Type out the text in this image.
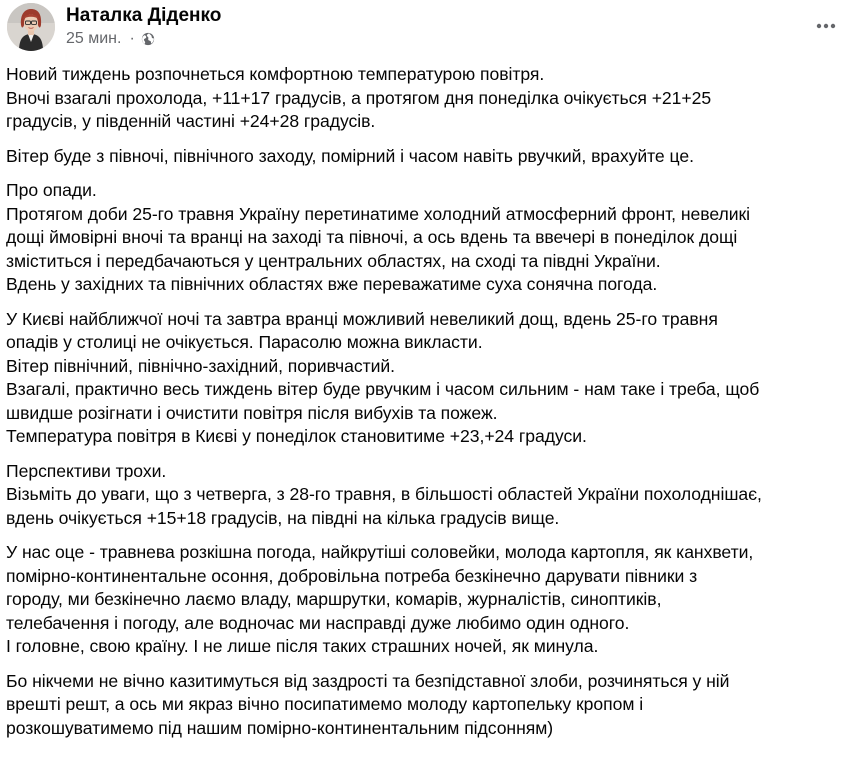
Наталка Діденко
25 мин. ·
Новий тиждень розпочнеться комфортною температурою повітря.
Вночі взагалі прохолода, +11+17 градусів, а протягом дня понеділка очікується +21+25
градусів, у південній частині +24+28 градусів.
Вітер буде з півночі, північного заходу, помірний і часом навіть рвучкий, врахуйте це.
Про опади.
Протягом доби 25-го травня Україну перетинатиме холодний атмосферний фронт, невеликі
дощі ймовірні вночі та вранці на заході та півночі, а ось вдень та ввечері в понеділок дощі
зміститься і передбачаються у центральних областях, на сході та півдні України.
Вдень у західних та північних областях вже переважатиме суха сонячна погода.
У Києві найближчої ночі та завтра вранці можливий невеликий дощ, вдень 25-го травня
опадів у столиці не очікується. Парасолю можна викласти.
Вітер північний, північно-західний, поривчастий.
Взагалі, практично весь тиждень вітер буде рвучким і часом сильним - нам таке і треба, щоб
швидше розігнати і очистити повітря після вибухів та пожеж.
Температура повітря в Києві у понеділок становитиме +23,+24 градуси.
Перспективи трохи.
Візьміть до уваги, що з четверга, з 28-го травня, в більшості областей України похолоднішає,
вдень очікується +15+18 градусів, на півдні на кілька градусів вище.
У нас оце - травнева розкішна погода, найкрутіші соловейки, молода картопля, як канхвети,
помірно-континентальне осоння, добровільна потреба безкінечно дарувати півники з
городу, ми безкінечно лаємо владу, маршрутки, комарів, журналістів, синоптиків,
телебачення і погоду, але водночас ми насправді дуже любимо один одного.
І головне, свою країну. І не лише після таких страшних ночей, як минула.
Бо нікчеми не вічно казитимуться від заздрості та безпідставної злоби, розчиняться у ній
врешті решт, а ось ми якраз вічно посипатимемо молоду картопельку кропом і
розкошуватимемо під нашим помірно-континентальним підсонням)
